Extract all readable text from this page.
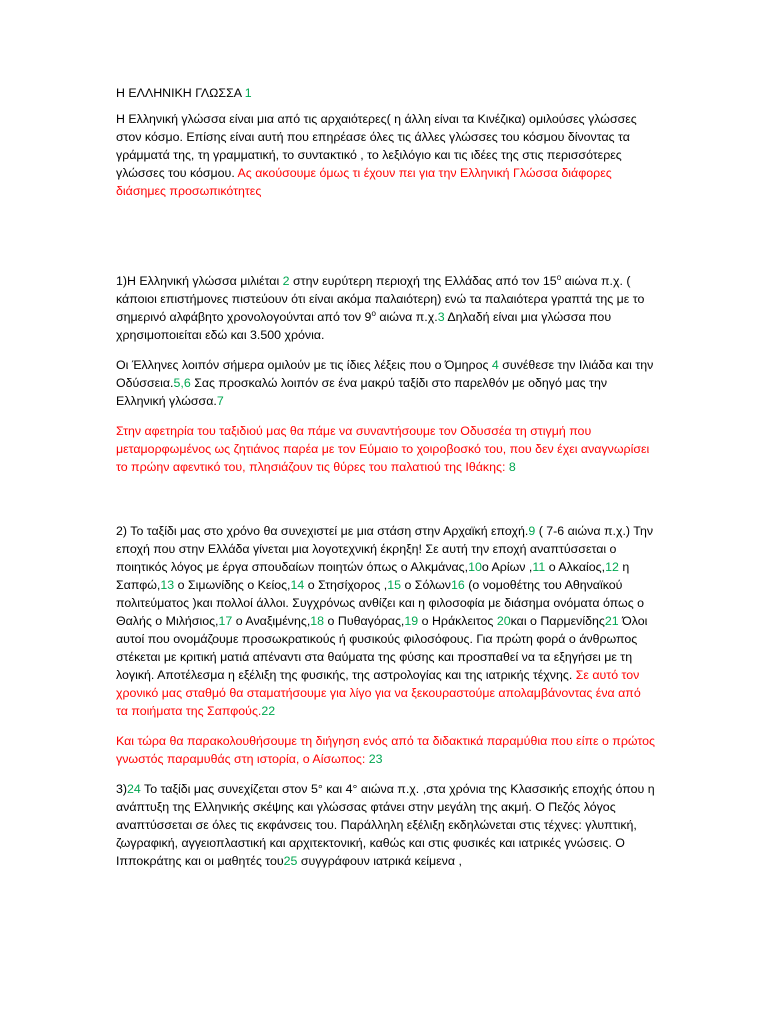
Η ΕΛΛΗΝΙΚΗ ΓΛΩΣΣΑ 1

Η Ελληνική γλώσσα είναι μια από τις αρχαιότερες( η άλλη είναι τα Κινέζικα) ομιλούσες γλώσσες στον κόσμο. Επίσης είναι αυτή που επηρέασε όλες τις άλλες γλώσσες του κόσμου δίνοντας τα γράμματά της, τη γραμματική, το συντακτικό , το λεξιλόγιο και τις ιδέες της στις περισσότερες γλώσσες του κόσμου. Ας ακούσουμε όμως τι έχουν πει για την Ελληνική Γλώσσα διάφορες διάσημες προσωπικότητες

1)Η Ελληνική γλώσσα μιλιέται 2 στην ευρύτερη περιοχή της Ελλάδας από τον $15^o$ αιώνα π.χ. ( κάποιοι επιστήμονες πιστεύουν ότι είναι ακόμα παλαιότερη) ενώ τα παλαιότερα γραπτά της με το σημερινό αλφάβητο χρονολογούνται από τον $9^o$ αιώνα π.χ.3 Δηλαδή είναι μια γλώσσα που χρησιμοποιείται εδώ και 3.500 χρόνια.

Οι Έλληνες λοιπόν σήμερα ομιλούν με τις ίδιες λέξεις που ο Όμηρος 4 συνέθεσε την Ιλιάδα και την Οδύσσεια.5,6 Σας προσκαλώ λοιπόν σε ένα μακρύ ταξίδι στο παρελθόν με οδηγό μας την Ελληνική γλώσσα.7

Στην αφετηρία του ταξιδιού μας θα πάμε να συναντήσουμε τον Οδυσσέα τη στιγμή που μεταμορφωμένος ως ζητιάνος παρέα με τον Εύμαιο το χοιροβοσκό του, που δεν έχει αναγνωρίσει το πρώην αφεντικό του, πλησιάζουν τις θύρες του παλατιού της Ιθάκης: 8

2) Το ταξίδι μας στο χρόνο θα συνεχιστεί με μια στάση στην Αρχαϊκή εποχή.9 ( 7-6 αιώνα π.χ.) Την εποχή που στην Ελλάδα γίνεται μια λογοτεχνική έκρηξη! Σε αυτή την εποχή αναπτύσσεται ο ποιητικός λόγος με έργα σπουδαίων ποιητών όπως ο Αλκμάνας,10ο Αρίων ,11 ο Αλκαίος,12 η Σαπφώ,13 ο Σιμωνίδης ο Κείος,14 ο Στησίχορος ,15 ο Σόλων16 (ο νομοθέτης του Αθηναϊκού πολιτεύματος )και πολλοί άλλοι. Συγχρόνως ανθίζει και η φιλοσοφία με διάσημα ονόματα όπως ο Θαλής ο Μιλήσιος,17 ο Αναξιμένης,18 ο Πυθαγόρας,19 ο Ηράκλειτος 20και ο Παρμενίδης21 Όλοι αυτοί που ονομάζουμε προσωκρατικούς ή φυσικούς φιλοσόφους. Για πρώτη φορά ο άνθρωπος στέκεται με κριτική ματιά απέναντι στα θαύματα της φύσης και προσπαθεί να τα εξηγήσει με τη λογική. Αποτέλεσμα η εξέλιξη της φυσικής, της αστρολογίας και της ιατρικής τέχνης. Σε αυτό τον χρονικό μας σταθμό θα σταματήσουμε για λίγο για να ξεκουραστούμε απολαμβάνοντας ένα από τα ποιήματα της Σαπφούς.22

Και τώρα θα παρακολουθήσουμε τη διήγηση ενός από τα διδακτικά παραμύθια που είπε ο πρώτος γνωστός παραμυθάς στη ιστορία, ο Αίσωπος: 23

3)24 Το ταξίδι μας συνεχίζεται στον 5° και 4° αιώνα π.χ. ,στα χρόνια της Κλασσικής εποχής όπου η ανάπτυξη της Ελληνικής σκέψης και γλώσσας φτάνει στην μεγάλη της ακμή. Ο Πεζός λόγος αναπτύσσεται σε όλες τις εκφάνσεις του. Παράλληλη εξέλιξη εκδηλώνεται στις τέχνες: γλυπτική, ζωγραφική, αγγειοπλαστική και αρχιτεκτονική, καθώς και στις φυσικές και ιατρικές γνώσεις. Ο Ιπποκράτης και οι μαθητές του25 συγγράφουν ιατρικά κείμενα ,
